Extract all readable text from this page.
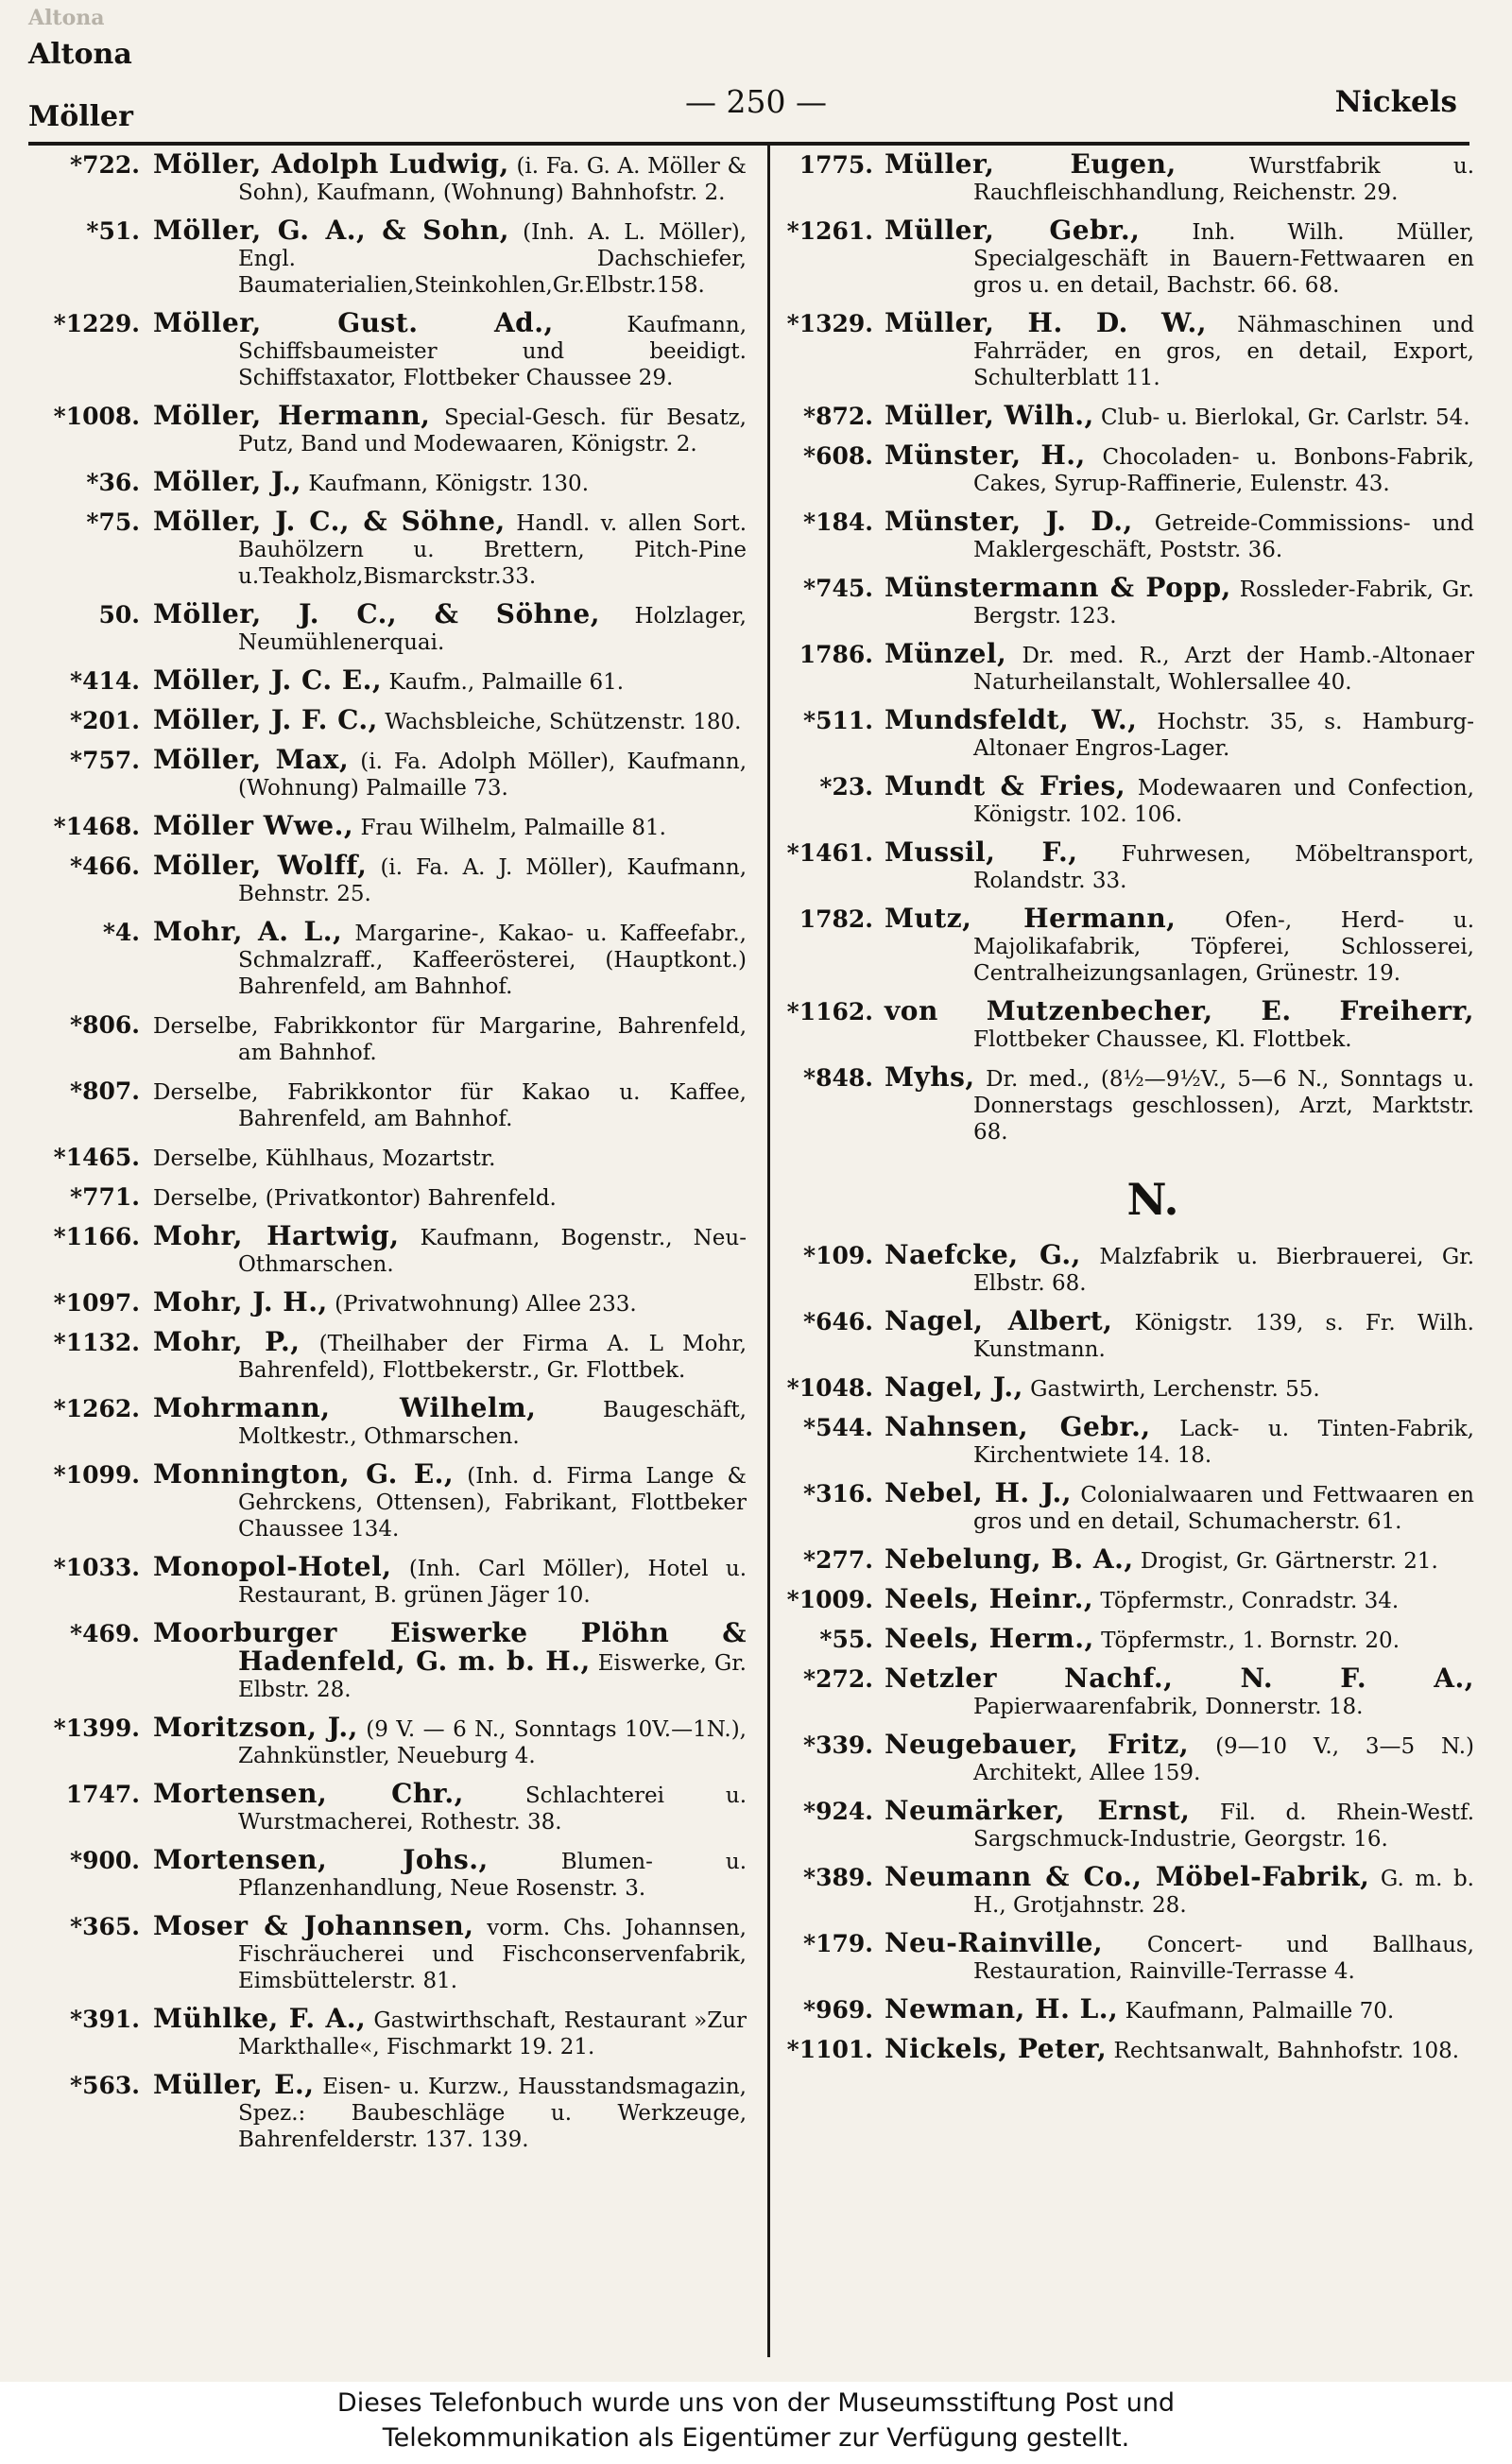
Altona
Altona
Möller	— 250 —	Nickels
*722. Möller, Adolph Ludwig, (i. Fa. G. A. Möller & Sohn), Kaufmann, (Wohnung) Bahnhofstr. 2.
*51. Möller, G. A., & Sohn, (Inh. A. L. Möller), Engl. Dachschiefer, Baumaterialien,Steinkohlen,Gr.Elbstr.158.
*1229. Möller, Gust. Ad.,	Kaufmann, Schiffsbaumeister und beeidigt. Schiffstaxator, Flottbeker Chaussee 29.
*1008. Möller, Hermann, Special-Gesch. für Besatz, Putz, Band und Modewaaren, Königstr. 2.
*36. Möller, J., Kaufmann, Königstr. 130.
*75. Möller, J. C., & Söhne, Handl. v. allen Sort. Bauhölzern u. Brettern, Pitch-Pine u.Teakholz,Bismarckstr.33.
50. Möller, J. C., & Söhne, Holzlager, Neumühlenerquai.
*414. Möller, J. C. E., Kaufm., Palmaille 61.
*201. Möller, J. F. C., Wachsbleiche, Schützenstr. 180.
*757. Möller, Max, (i. Fa. Adolph Möller), Kaufmann, (Wohnung) Palmaille 73.
*1468. Möller Wwe., Frau Wilhelm, Palmaille 81.
*466. Möller, Wolff, (i. Fa. A. J. Möller), Kaufmann, Behnstr. 25.
*4. Mohr, A. L., Margarine-, Kakao- u. Kaffeefabr., Schmalzraff., Kaffeerösterei, (Hauptkont.) Bahrenfeld, am Bahnhof.
*806. Derselbe, Fabrikkontor für Margarine, Bahrenfeld, am Bahnhof.
*807. Derselbe, Fabrikkontor für Kakao u. Kaffee, Bahrenfeld, am Bahnhof.
*1465. Derselbe, Kühlhaus, Mozartstr.
*771. Derselbe, (Privatkontor) Bahrenfeld.
*1166. Mohr, Hartwig, Kaufmann, Bogenstr., Neu-Othmarschen.
*1097. Mohr, J. H., (Privatwohnung) Allee 233.
*1132. Mohr, P., (Theilhaber der Firma A. L Mohr, Bahrenfeld), Flottbekerstr., Gr. Flottbek.
*1262. Mohrmann, Wilhelm,	Baugeschäft, Moltkestr., Othmarschen.
*1099. Monnington, G. E., (Inh. d. Firma Lange & Gehrckens, Ottensen), Fabrikant, Flottbeker Chaussee 134.
*1033. Monopol-Hotel, (Inh. Carl Möller), Hotel u. Restaurant, B. grünen Jäger 10.
*469. Moorburger Eiswerke Plöhn & Hadenfeld, G. m. b. H., Eiswerke, Gr. Elbstr. 28.
*1399. Moritzson, J., (9 V. — 6 N., Sonntags 10V.—1N.), Zahnkünstler, Neueburg 4.
1747. Mortensen, Chr.,	Schlachterei u. Wurstmacherei, Rothestr. 38.
*900. Mortensen, Johs.,	Blumen- u. Pflanzenhandlung, Neue Rosenstr. 3.
*365. Moser & Johannsen, vorm. Chs. Johannsen, Fischräucherei und Fischconservenfabrik, Eimsbüttelerstr. 81.
*391. Mühlke, F. A., Gastwirthschaft, Restaurant »Zur Markthalle«, Fischmarkt 19. 21.
*563. Müller, E., Eisen- u. Kurzw., Hausstandsmagazin, Spez.: Baubeschläge u. Werkzeuge, Bahrenfelderstr. 137. 139.
1775. Müller, Eugen,	Wurstfabrik u. Rauchfleischhandlung, Reichenstr. 29.
*1261. Müller, Gebr., Inh. Wilh. Müller, Specialgeschäft in Bauern-Fettwaaren en gros u. en detail, Bachstr. 66. 68.
*1329. Müller, H. D. W., Nähmaschinen und Fahrräder, en gros, en detail, Export, Schulterblatt 11.
*872. Müller, Wilh., Club- u. Bierlokal, Gr. Carlstr. 54.
*608. Münster, H., Chocoladen- u. Bonbons-Fabrik, Cakes, Syrup-Raffinerie, Eulenstr. 43.
*184. Münster, J. D., Getreide-Commissions- und Maklergeschäft, Poststr. 36.
*745. Münstermann & Popp, Rossleder-Fabrik, Gr. Bergstr. 123.
1786. Münzel, Dr. med. R., Arzt der Hamb.-Altonaer Naturheilanstalt, Wohlersallee 40.
*511. Mundsfeldt, W., Hochstr. 35, s. Hamburg-Altonaer Engros-Lager.
*23. Mundt & Fries, Modewaaren und Confection, Königstr. 102. 106.
*1461. Mussil, F., Fuhrwesen, Möbeltransport, Rolandstr. 33.
1782. Mutz, Hermann, Ofen-, Herd- u. Majolikafabrik, Töpferei, Schlosserei, Centralheizungsanlagen, Grünestr. 19.
*1162. von Mutzenbecher, E. Freiherr, Flottbeker Chaussee, Kl. Flottbek.
*848. Myhs, Dr. med., (8½—9½V., 5—6 N., Sonntags u. Donnerstags geschlossen), Arzt, Marktstr. 68.
N.
*109. Naefcke, G., Malzfabrik u. Bierbrauerei, Gr. Elbstr. 68.
*646. Nagel, Albert, Königstr. 139, s. Fr. Wilh. Kunstmann.
*1048. Nagel, J., Gastwirth, Lerchenstr. 55.
*544. Nahnsen, Gebr., Lack- u. Tinten-Fabrik, Kirchentwiete 14. 18.
*316. Nebel, H. J., Colonialwaaren und Fettwaaren en gros und en detail, Schumacherstr. 61.
*277. Nebelung, B. A., Drogist, Gr. Gärtnerstr. 21.
*1009. Neels, Heinr., Töpfermstr., Conradstr. 34.
*55. Neels, Herm., Töpfermstr., 1. Bornstr. 20.
*272. Netzler Nachf., N. F. A., Papierwaarenfabrik, Donnerstr. 18.
*339. Neugebauer, Fritz, (9—10 V., 3—5 N.) Architekt, Allee 159.
*924. Neumärker, Ernst, Fil. d. Rhein-Westf. Sargschmuck-Industrie, Georgstr. 16.
*389. Neumann & Co., Möbel-Fabrik, G. m. b. H., Grotjahnstr. 28.
*179. Neu-Rainville, Concert- und Ballhaus, Restauration, Rainville-Terrasse 4.
*969. Newman, H. L., Kaufmann, Palmaille 70.
*1101. Nickels, Peter, Rechtsanwalt, Bahnhofstr. 108.
Dieses Telefonbuch wurde uns von der Museumsstiftung Post und
Telekommunikation als Eigentümer zur Verfügung gestellt.
